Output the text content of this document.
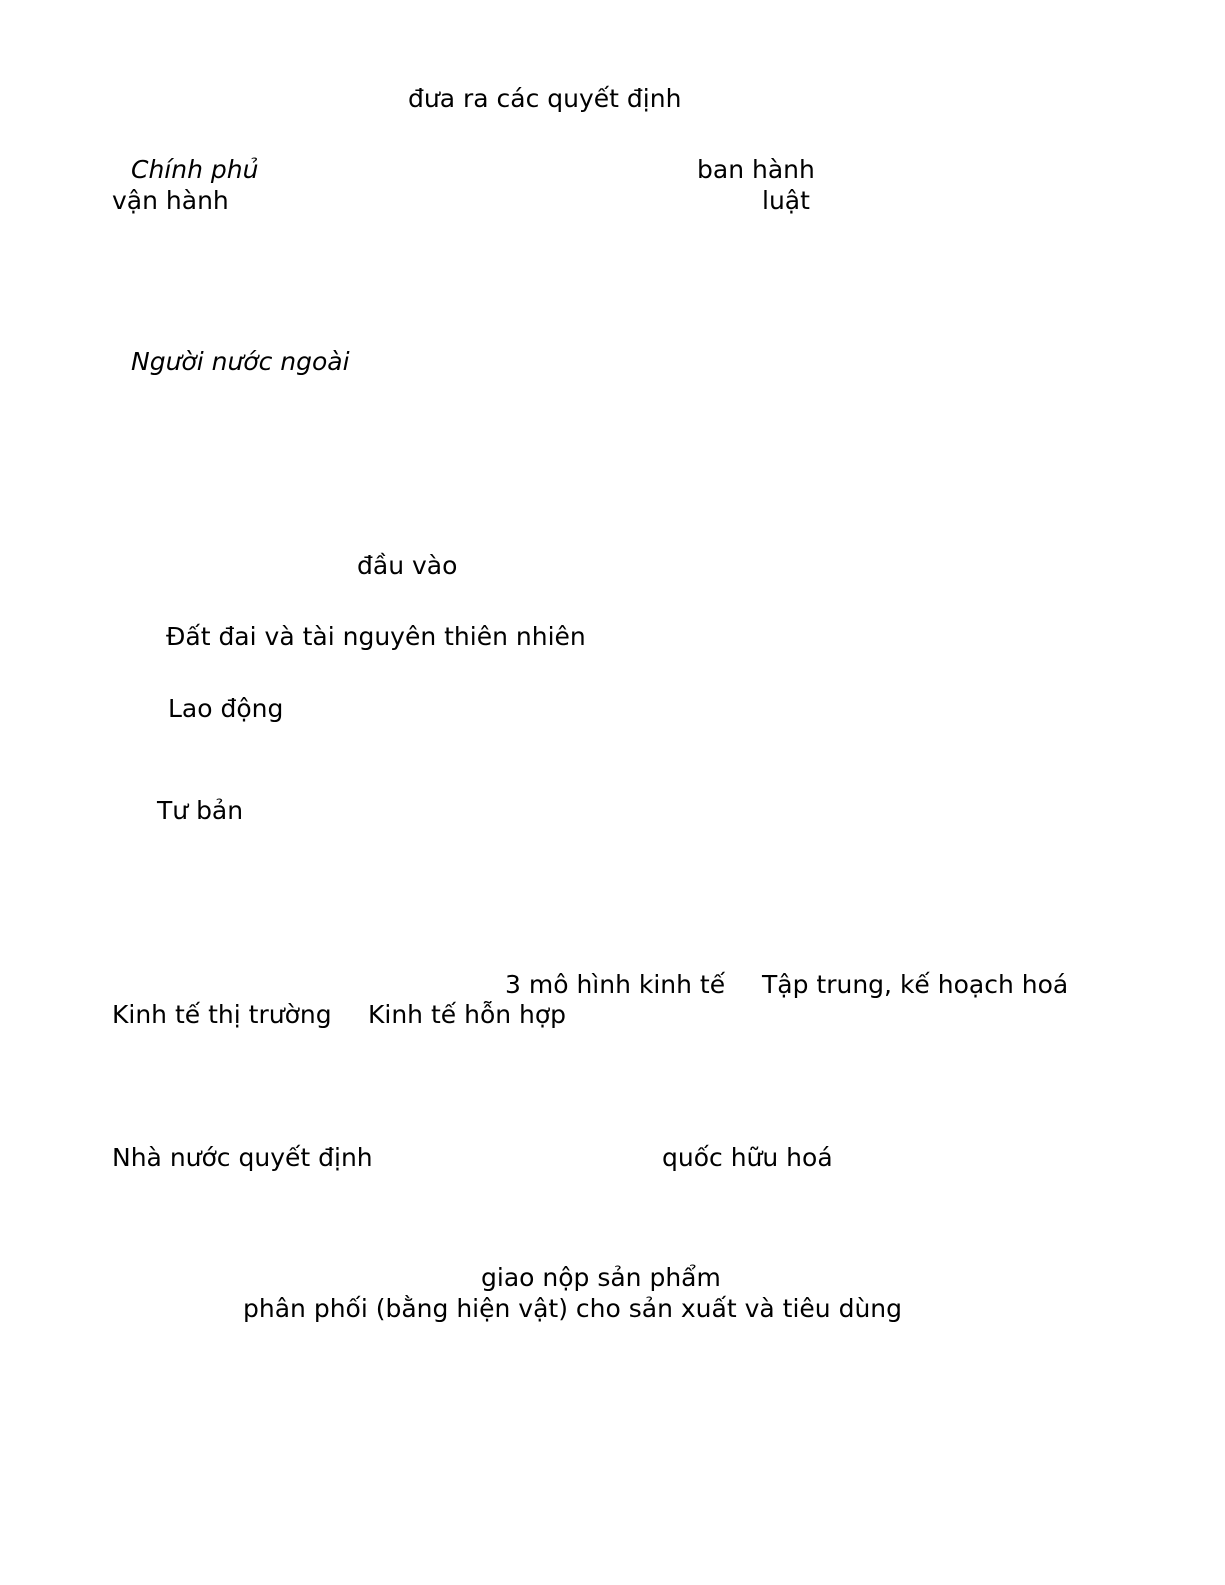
đưa ra các quyết định

Chính phủ	ban hành

vận hành	luật

Người nước ngoài

đầu vào

Đất đai và tài nguyên thiên nhiên

Lao động

Tư bản

3 mô hình kinh tế Tập trung, kế hoạch hoá

Kinh tế thị trường Kinh tế hỗn hợp

Nhà nước quyết định	quốc hữu hoá

giao nộp sản phẩm

phân phối (bằng hiện vật) cho sản xuất và tiêu dùng
